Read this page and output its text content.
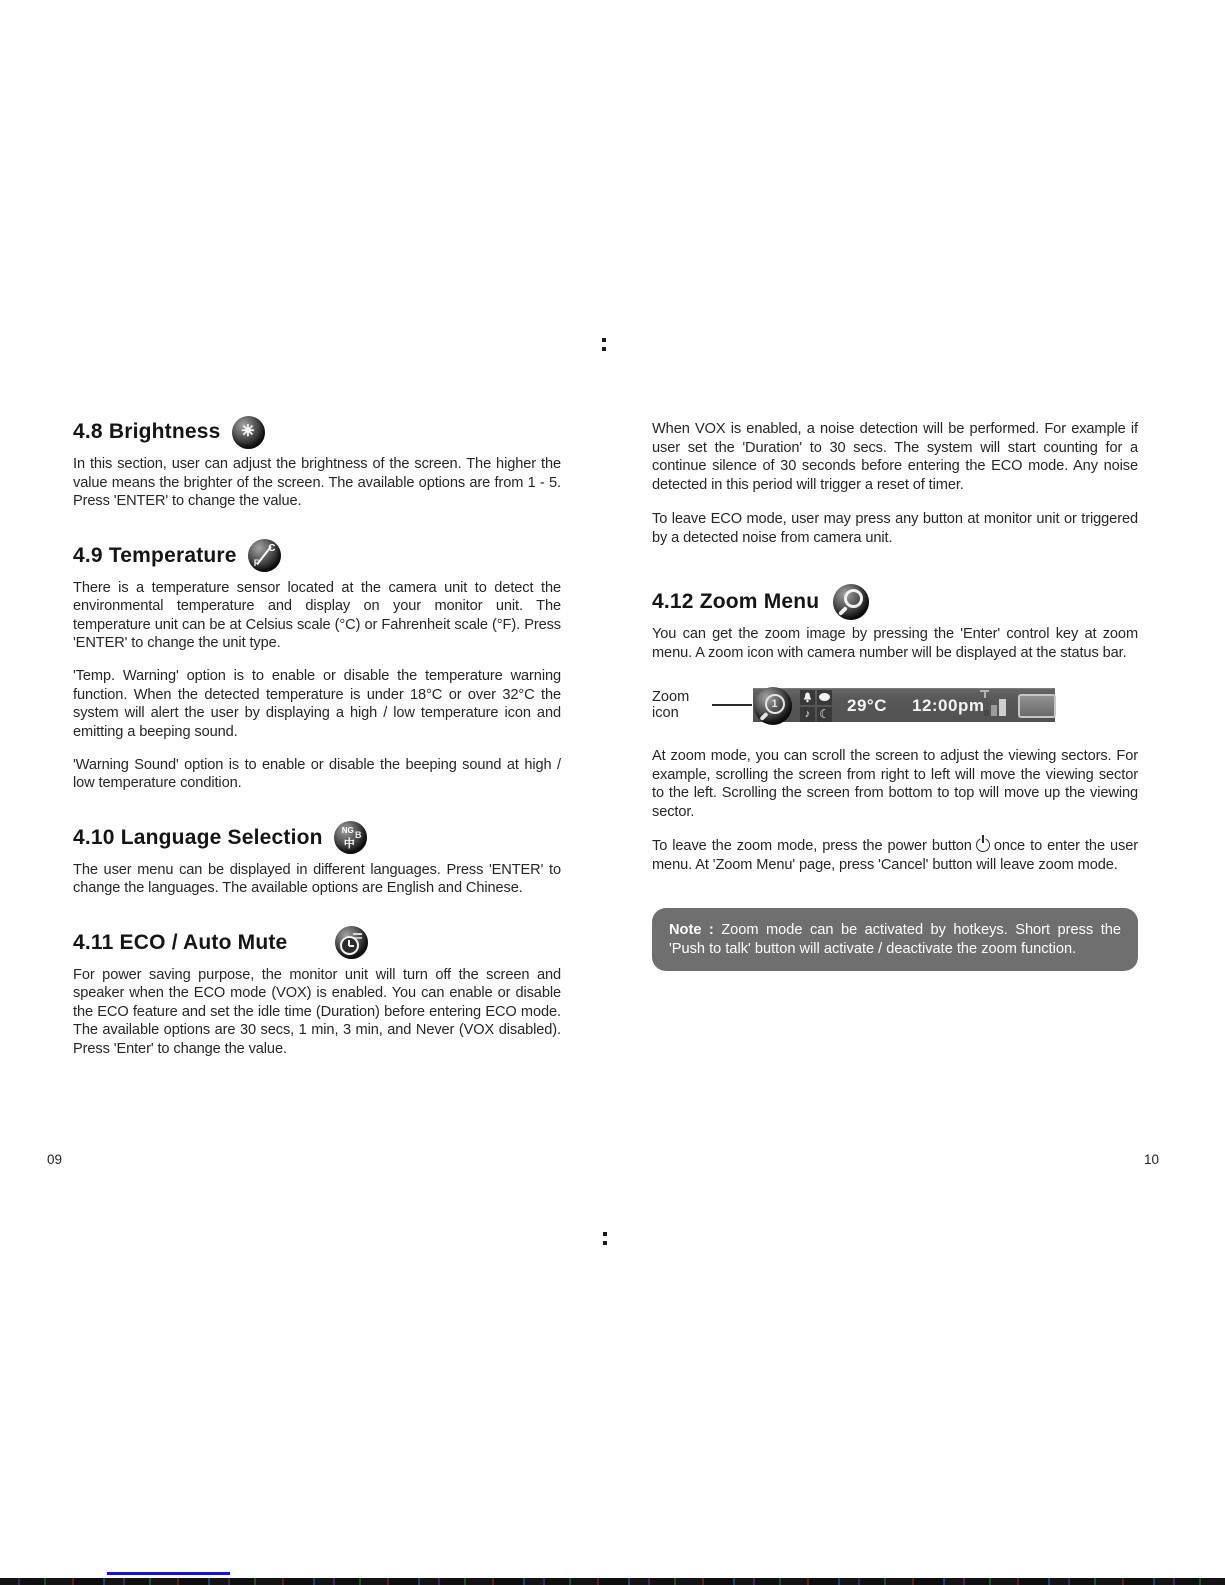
4.8 Brightness ☀

In this section, user can adjust the brightness of the screen. The higher the value means the brighter of the screen. The available options are from 1 - 5. Press 'ENTER' to change the value.

4.9 Temperature	C
F

There is a temperature sensor located at the camera unit to detect the environmental temperature and display on your monitor unit. The temperature unit can be at Celsius scale (°C) or Fahrenheit scale (°F). Press 'ENTER' to change the unit type.

'Temp. Warning' option is to enable or disable the temperature warning function. When the detected temperature is under 18°C or over 32°C the system will alert the user by displaying a high / low temperature icon and emitting a beeping sound.

'Warning Sound' option is to enable or disable the beeping sound at high / low temperature condition.

4.10 Language Selection NG B
中

The user menu can be displayed in different languages. Press 'ENTER' to change the languages. The available options are English and Chinese.

4.11 ECO / Auto Mute

For power saving purpose, the monitor unit will turn off the screen and speaker when the ECO mode (VOX) is enabled. You can enable or disable the ECO feature and set the idle time (Duration) before entering ECO mode. The available options are 30 secs, 1 min, 3 min, and Never (VOX disabled). Press 'Enter' to change the value.

When VOX is enabled, a noise detection will be performed. For example if user set the 'Duration' to 30 secs. The system will start counting for a continue silence of 30 seconds before entering the ECO mode. Any noise detected in this period will trigger a reset of timer.

To leave ECO mode, user may press any button at monitor unit or triggered by a detected noise from camera unit.

4.12 Zoom Menu

You can get the zoom image by pressing the 'Enter' control key at zoom menu. A zoom icon with camera number will be displayed at the status bar.

Zoom icon
1
♪ ☾ 29°C 12:00pm

At zoom mode, you can scroll the screen to adjust the viewing sectors. For example, scrolling the screen from right to left will move the viewing sector to the left. Scrolling the screen from bottom to top will move up the viewing sector.

To leave the zoom mode, press the power button once to enter the user menu. At 'Zoom Menu' page, press 'Cancel' button will leave zoom mode.

Note : Zoom mode can be activated by hotkeys. Short press the 'Push to talk' button will activate / deactivate the zoom function.
09	10
